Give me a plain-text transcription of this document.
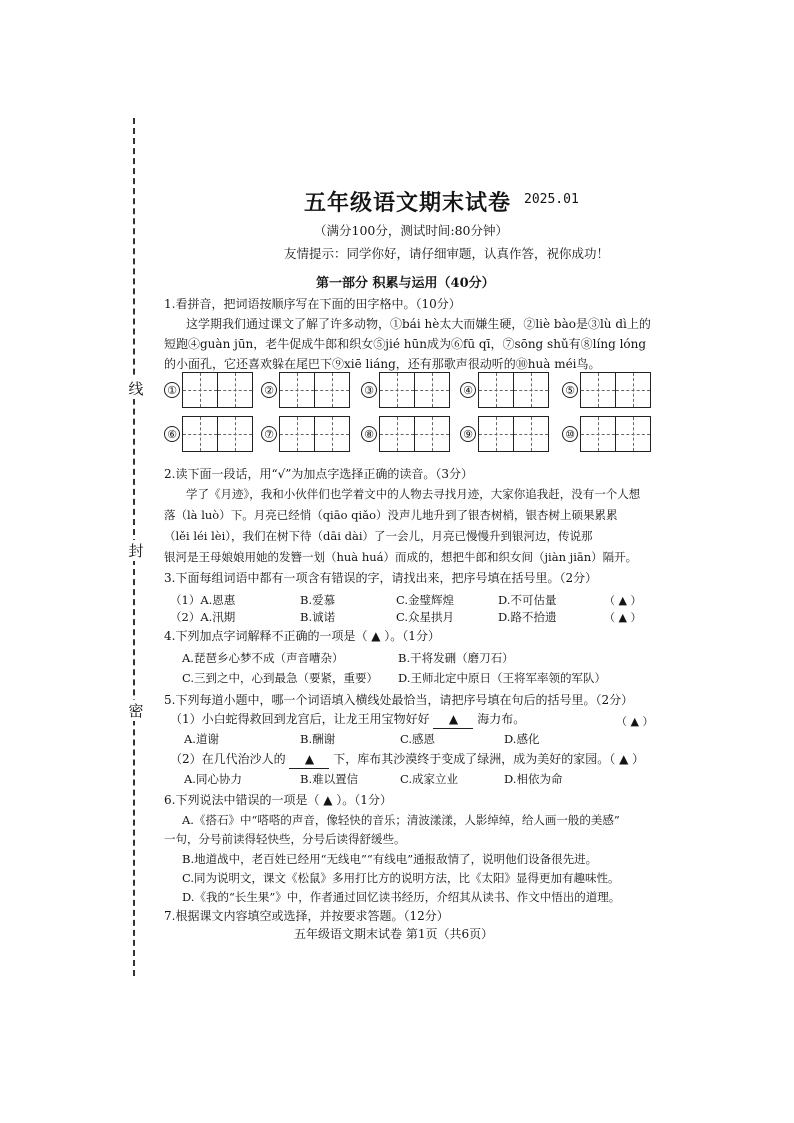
线
封
密
五年级语文期末试卷 2025.01
（满分100分，测试时间:80分钟）
友情提示：同学你好，请仔细审题，认真作答，祝你成功！
第一部分 积累与运用（40分）
1.看拼音，把词语按顺序写在下面的田字格中。（10分）
这学期我们通过课文了解了许多动物，①bái hè太大而嫌生硬，②liè bào是③lù dì上的
短跑④guàn jūn，老牛促成牛郎和织女⑤jié hūn成为⑥fū qī，⑦sōng shǔ有⑧líng lóng
的小面孔，它还喜欢躲在尾巴下⑨xiē liáng，还有那歌声很动听的⑩huà méi鸟。
①	②	③	④	⑤
⑥	⑦	⑧	⑨	⑩
2.读下面一段话，用“√”为加点字选择正确的读音。（3分）
学了《月迹》，我和小伙伴们也学着文中的人物去寻找月迹，大家你追我赶，没有一个人想
落（là luò）下。月亮已经悄（qiāo qiǎo）没声儿地升到了银杏树梢，银杏树上硕果累累
（lěi léi lèi），我们在树下待（dāi dài）了一会儿，月亮已慢慢升到银河边，传说那
银河是王母娘娘用她的发簪一划（huà huá）而成的，想把牛郎和织女间（jiàn jiān）隔开。
3.下面每组词语中都有一项含有错误的字，请找出来，把序号填在括号里。（2分）
（1）A.恩惠	B.爱慕	C.金璧辉煌	D.不可估量	（ ▲ ）
（2）A.汛期	B.诚诺	C.众星拱月	D.路不拾遗	（ ▲ ）
4.下列加点字词解释不正确的一项是（ ▲ ）。（1分）
A.琵琶乡心梦不成（声音嘈杂）	B.干将发硎（磨刀石）
C.三到之中，心到最急（要紧，重要） D.王师北定中原日（王将军率领的军队）
5.下列每道小题中，哪一个词语填入横线处最恰当，请把序号填在句后的括号里。（2分）
（1）小白蛇得救回到龙宫后，让龙王用宝物好好 ▲ 海力布。	（ ▲ ）
A.道谢	B.酬谢	C.感恩	D.感化
（2）在几代治沙人的 ▲ 下，库布其沙漠终于变成了绿洲，成为美好的家园。（ ▲ ）
A.同心协力	B.难以置信	C.成家立业	D.相依为命
6.下列说法中错误的一项是（ ▲ ）。（1分）
A.《搭石》中“嗒嗒的声音，像轻快的音乐；清波漾漾，人影绰绰，给人画一般的美感”
一句，分号前读得轻快些，分号后读得舒缓些。
B.地道战中，老百姓已经用“无线电”“有线电”通报敌情了，说明他们设备很先进。
C.同为说明文，课文《松鼠》多用打比方的说明方法，比《太阳》显得更加有趣味性。
D.《我的“长生果”》中，作者通过回忆读书经历，介绍其从读书、作文中悟出的道理。
7.根据课文内容填空或选择，并按要求答题。（12分）
五年级语文期末试卷 第1页（共6页）
